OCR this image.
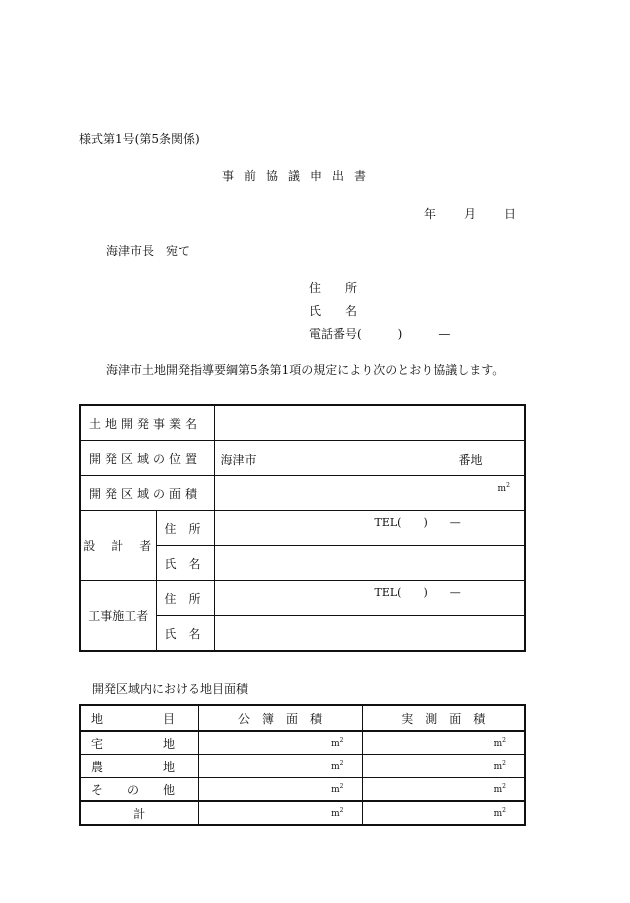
様式第1号(第5条関係)
事前協議申出書
年 月 日
海津市長　宛て
住　　所
氏　　名
電話番号(　　　)　　　—
海津市土地開発指導要綱第5条第1項の規定により次のとおり協議します。
土地開発事業名		
開発区域の位置		海津市 番地

開発区域の面積		$m^2$

設　計　者	住　所	TEL(　　)　　—

	氏　名	
工事施工者	住　所	TEL(　　)　　—

	氏　名	
開発区域内における地目面積
地　　　　　目	公　簿　面　積	実　測　面　積
宅　　　　　地	$m^2$	$m^2$
農　　　　　地	$m^2$	$m^2$
そ　　の　　他	$m^2$	$m^2$
計	$m^2$	$m^2$
